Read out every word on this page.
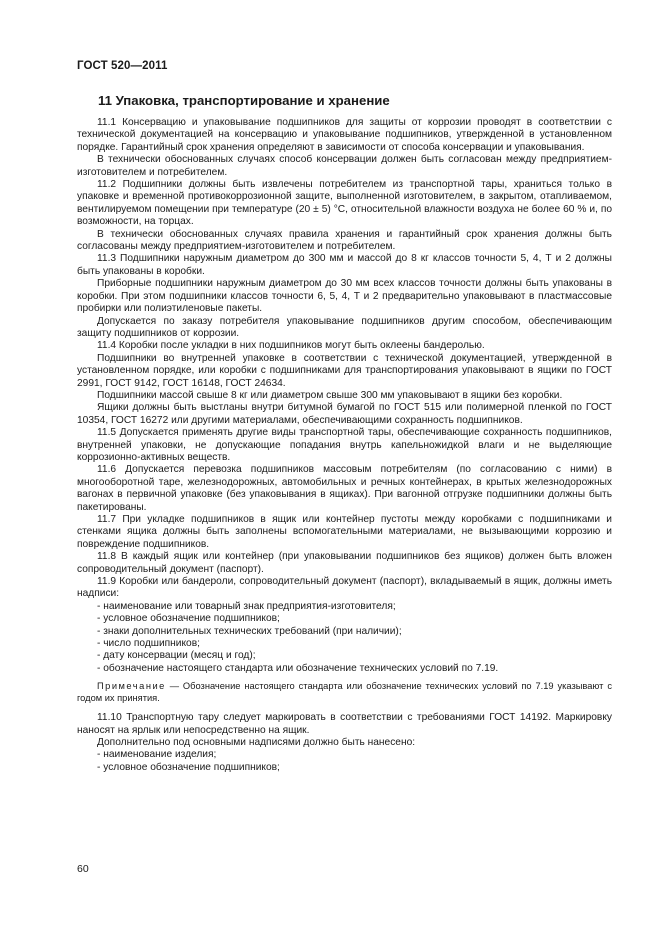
ГОСТ 520—2011
11 Упаковка, транспортирование и хранение

11.1 Консервацию и упаковывание подшипников для защиты от коррозии проводят в соответствии с технической документацией на консервацию и упаковывание подшипников, утвержденной в установленном порядке. Гарантийный срок хранения определяют в зависимости от способа консервации и упаковывания.

В технически обоснованных случаях способ консервации должен быть согласован между предприятием-изготовителем и потребителем.

11.2 Подшипники должны быть извлечены потребителем из транспортной тары, храниться только в упаковке и временной противокоррозионной защите, выполненной изготовителем, в закрытом, отапливаемом, вентилируемом помещении при температуре (20 ± 5) °С, относительной влажности воздуха не более 60 % и, по возможности, на торцах.

В технически обоснованных случаях правила хранения и гарантийный срок хранения должны быть согласованы между предприятием-изготовителем и потребителем.

11.3 Подшипники наружным диаметром до 300 мм и массой до 8 кг классов точности 5, 4, Т и 2 должны быть упакованы в коробки.

Приборные подшипники наружным диаметром до 30 мм всех классов точности должны быть упакованы в коробки. При этом подшипники классов точности 6, 5, 4, Т и 2 предварительно упаковывают в пластмассовые пробирки или полиэтиленовые пакеты.

Допускается по заказу потребителя упаковывание подшипников другим способом, обеспечивающим защиту подшипников от коррозии.

11.4 Коробки после укладки в них подшипников могут быть оклеены бандеролью.

Подшипники во внутренней упаковке в соответствии с технической документацией, утвержденной в установленном порядке, или коробки с подшипниками для транспортирования упаковывают в ящики по ГОСТ 2991, ГОСТ 9142, ГОСТ 16148, ГОСТ 24634.

Подшипники массой свыше 8 кг или диаметром свыше 300 мм упаковывают в ящики без коробки.

Ящики должны быть выстланы внутри битумной бумагой по ГОСТ 515 или полимерной пленкой по ГОСТ 10354, ГОСТ 16272 или другими материалами, обеспечивающими сохранность подшипников.

11.5 Допускается применять другие виды транспортной тары, обеспечивающие сохранность подшипников, внутренней упаковки, не допускающие попадания внутрь капельножидкой влаги и не выделяющие коррозионно-активных веществ.

11.6 Допускается перевозка подшипников массовым потребителям (по согласованию с ними) в многооборотной таре, железнодорожных, автомобильных и речных контейнерах, в крытых железнодорожных вагонах в первичной упаковке (без упаковывания в ящиках). При вагонной отгрузке подшипники должны быть пакетированы.

11.7 При укладке подшипников в ящик или контейнер пустоты между коробками с подшипниками и стенками ящика должны быть заполнены вспомогательными материалами, не вызывающими коррозию и повреждение подшипников.

11.8 В каждый ящик или контейнер (при упаковывании подшипников без ящиков) должен быть вложен сопроводительный документ (паспорт).

11.9 Коробки или бандероли, сопроводительный документ (паспорт), вкладываемый в ящик, должны иметь надписи:

- наименование или товарный знак предприятия-изготовителя;
- условное обозначение подшипников;
- знаки дополнительных технических требований (при наличии);
- число подшипников;
- дату консервации (месяц и год);
- обозначение настоящего стандарта или обозначение технических условий по 7.19.

Примечание — Обозначение настоящего стандарта или обозначение технических условий по 7.19 указывают с годом их принятия.

11.10 Транспортную тару следует маркировать в соответствии с требованиями ГОСТ 14192. Маркировку наносят на ярлык или непосредственно на ящик.

Дополнительно под основными надписями должно быть нанесено:

- наименование изделия;
- условное обозначение подшипников;
60
